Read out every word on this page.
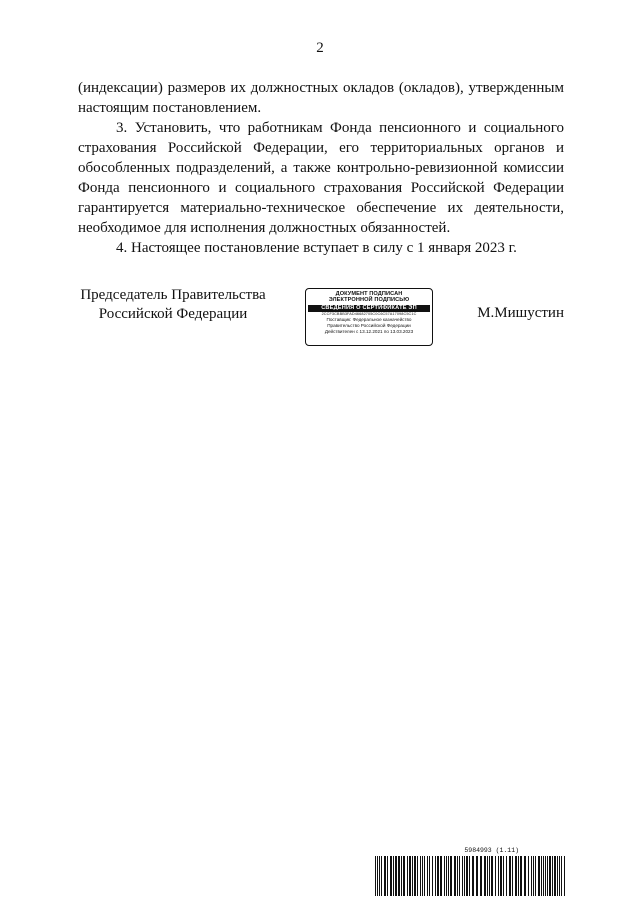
2

(индексации) размеров их должностных окладов (окладов), утвержденным настоящим постановлением.

3. Установить, что работникам Фонда пенсионного и социального страхования Российской Федерации, его территориальных органов и обособленных подразделений, а также контрольно-ревизионной комиссии Фонда пенсионного и социального страхования Российской Федерации гарантируется материально-техническое обеспечение их деятельности, необходимое для исполнения должностных обязанностей.

4. Настоящее постановление вступает в силу с 1 января 2023 г.

Председатель Правительства
Российской Федерации
ДОКУМЕНТ ПОДПИСАН
ЭЛЕКТРОННОЙ ПОДПИСЬЮ
СВЕДЕНИЯ О СЕРТИФИКАТЕ ЭП
2CCF3CBBB3FAD46682705C0C6C57A17098C5C1C
Поставщик: Федеральное казначейство
Правительство Российской Федерации
Действителен с 13.12.2021 по 13.03.2023
М.Мишустин
5984993 (1.11)
